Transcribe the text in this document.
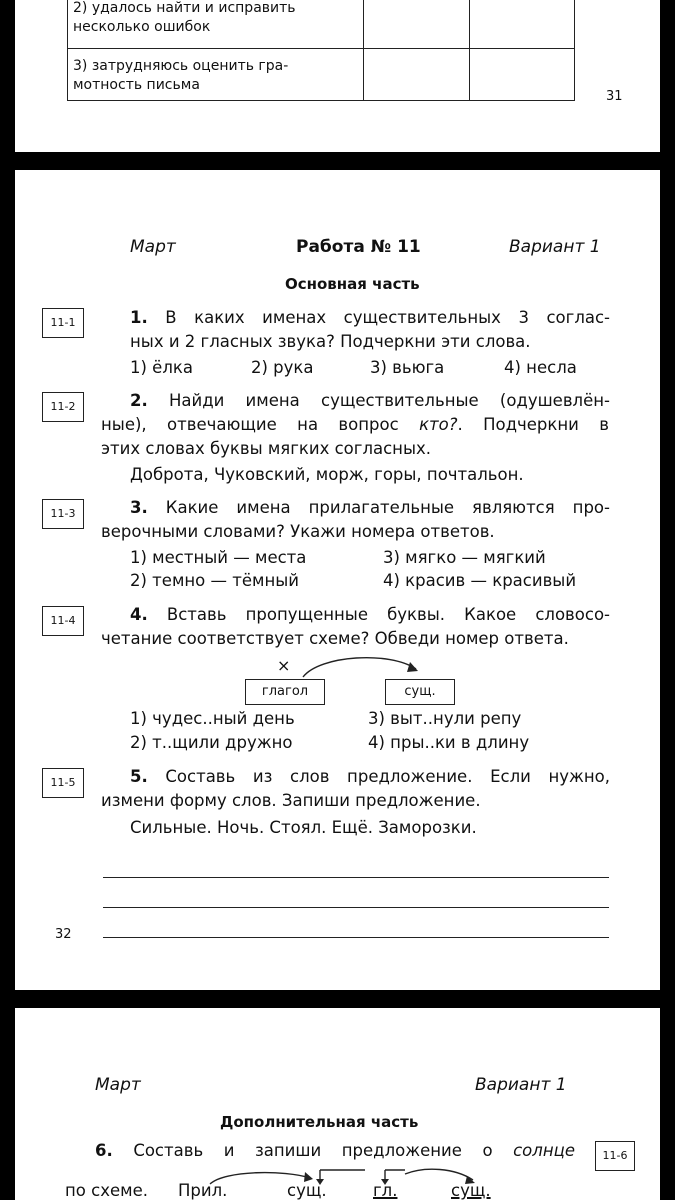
2) удалось найти и исправить
несколько ошибок		

3) затрудняюсь оценить гра-
мотность письма		

31
Март	Работа № 11	Вариант 1
Основная часть
11-1	1. В каких именах существительных 3 соглас-
ных и 2 гласных звука? Подчеркни эти слова.
1) ёлка	2) рука	3) вьюга	4) несла
11-2	2. Найди имена существительные (одушевлён-
ные), отвечающие на вопрос кто?. Подчеркни в
этих словах буквы мягких согласных.
Доброта, Чуковский, морж, горы, почтальон.
11-3	3. Какие имена прилагательные являются про-
верочными словами? Укажи номера ответов.
1) местный — места	3) мягко — мягкий
2) темно — тёмный	4) красив — красивый
11-4	4. Вставь пропущенные буквы. Какое словосо-
четание соответствует схеме? Обведи номер ответа.
×
глагол	сущ.
1) чудес..ный день	3) выт..нули репу
2) т..щили дружно	4) пры..ки в длину
11-5	5. Составь из слов предложение. Если нужно,
измени форму слов. Запиши предложение.
Сильные. Ночь. Стоял. Ещё. Заморозки.
32
Март	Вариант 1
Дополнительная часть
6. Составь и запиши предложение о солнце	11-6
по схеме. Прил.	сущ.	гл.	сущ.
